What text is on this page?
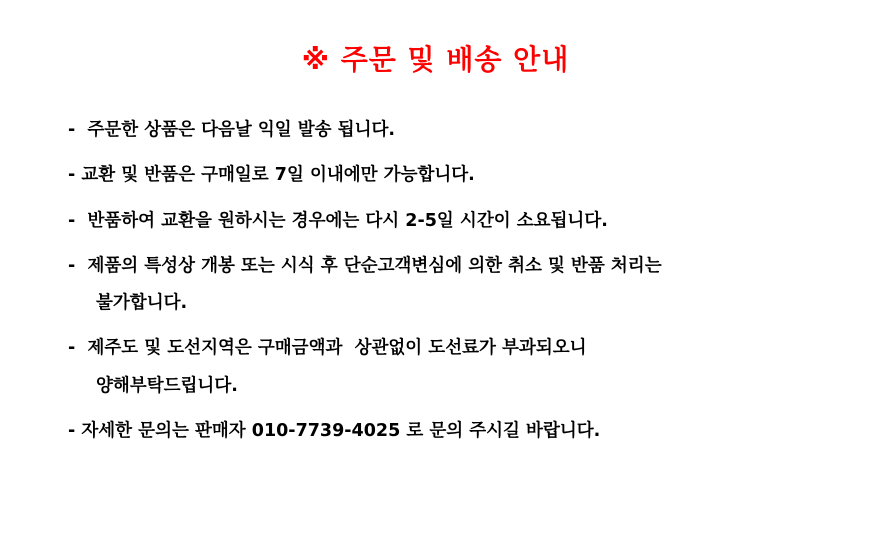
※ 주문 및 배송 안내
-  주문한 상품은 다음날 익일 발송 됩니다.
- 교환 및 반품은 구매일로 7일 이내에만 가능합니다.
-  반품하여 교환을 원하시는 경우에는 다시 2-5일 시간이 소요됩니다.
-  제품의 특성상 개봉 또는 시식 후 단순고객변심에 의한 취소 및 반품 처리는
불가합니다.
-  제주도 및 도선지역은 구매금액과  상관없이 도선료가 부과되오니
양해부탁드립니다.
- 자세한 문의는 판매자 010-7739-4025 로 문의 주시길 바랍니다.
